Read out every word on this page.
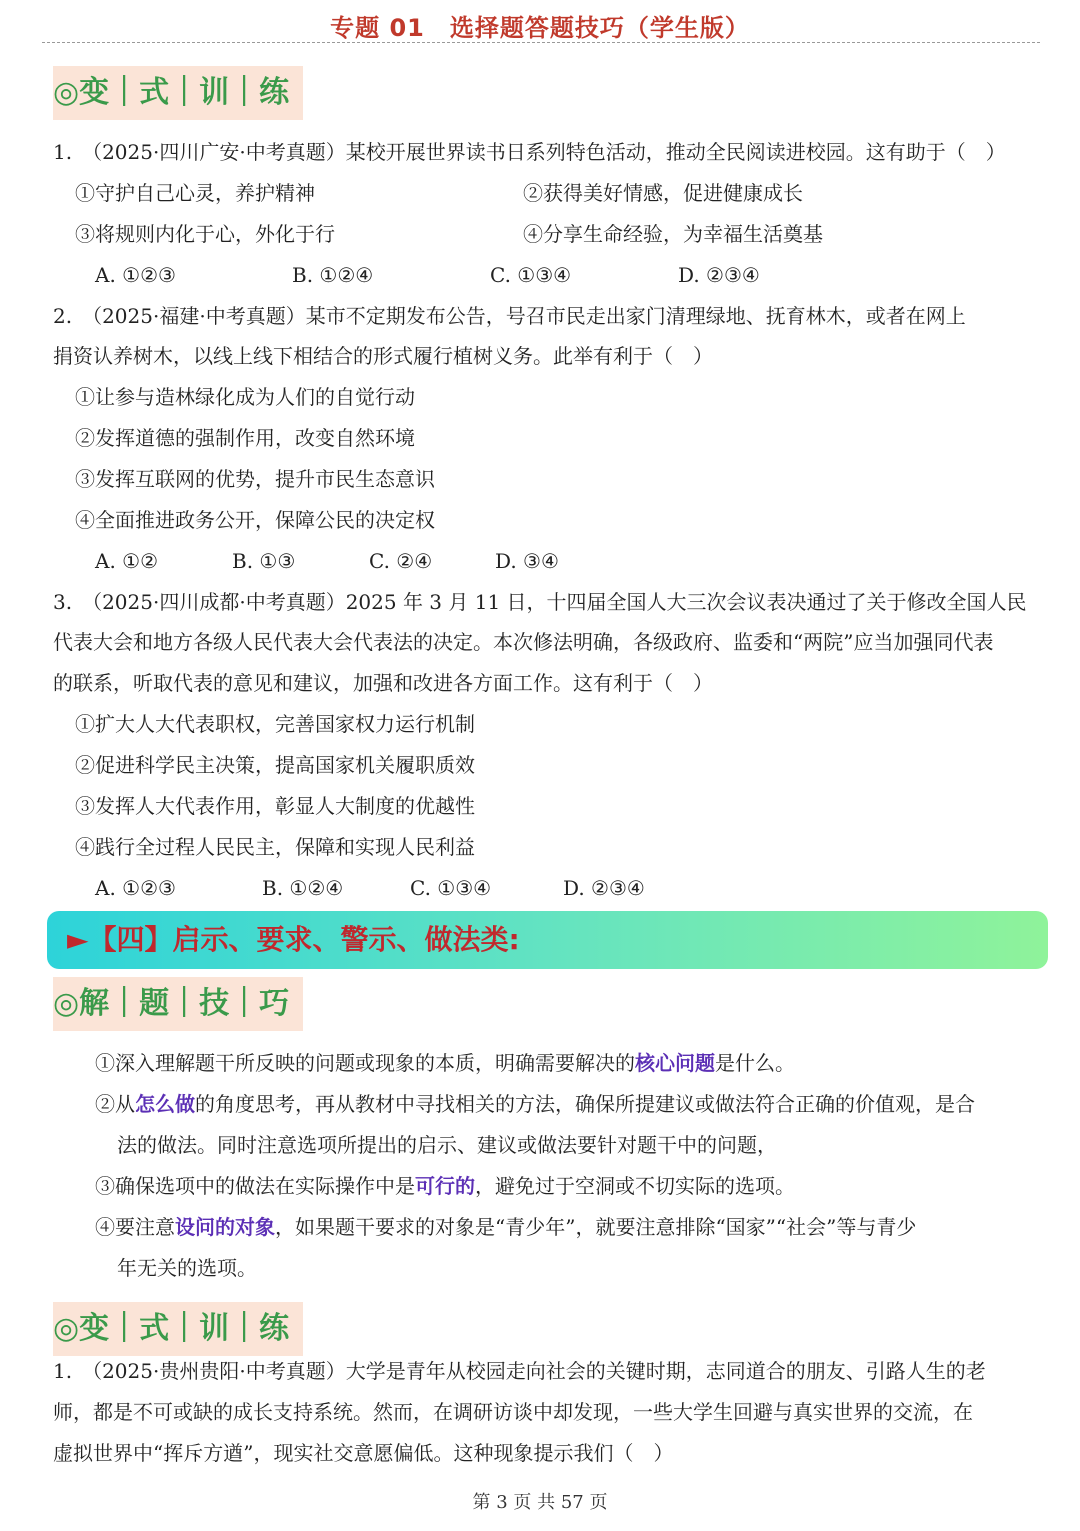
专题 01　选择题答题技巧（学生版）
◎变｜式｜训｜练
1.　（2025·四川广安·中考真题）某校开展世界读书日系列特色活动，推动全民阅读进校园。这有助于（　）
①守护自己心灵，养护精神	②获得美好情感，促进健康成长
③将规则内化于心，外化于行	④分享生命经验，为幸福生活奠基
A. ①②③	B. ①②④	C. ①③④	D. ②③④
2.　（2025·福建·中考真题）某市不定期发布公告，号召市民走出家门清理绿地、抚育林木，或者在网上
捐资认养树木，以线上线下相结合的形式履行植树义务。此举有利于（　）
①让参与造林绿化成为人们的自觉行动
②发挥道德的强制作用，改变自然环境
③发挥互联网的优势，提升市民生态意识
④全面推进政务公开，保障公民的决定权
A. ①②	B. ①③	C. ②④	D. ③④
3.　（2025·四川成都·中考真题）2025 年 3 月 11 日，十四届全国人大三次会议表决通过了关于修改全国人民
代表大会和地方各级人民代表大会代表法的决定。本次修法明确，各级政府、监委和“两院”应当加强同代表
的联系，听取代表的意见和建议，加强和改进各方面工作。这有利于（　）
①扩大人大代表职权，完善国家权力运行机制
②促进科学民主决策，提高国家机关履职质效
③发挥人大代表作用，彰显人大制度的优越性
④践行全过程人民民主，保障和实现人民利益
A. ①②③	B. ①②④	C. ①③④	D. ②③④
►【四】启示、要求、警示、做法类:
◎解｜题｜技｜巧
①深入理解题干所反映的问题或现象的本质，明确需要解决的核心问题是什么。
②从怎么做的角度思考，再从教材中寻找相关的方法，确保所提建议或做法符合正确的价值观，是合
法的做法。同时注意选项所提出的启示、建议或做法要针对题干中的问题，
③确保选项中的做法在实际操作中是可行的，避免过于空洞或不切实际的选项。
④要注意设问的对象，如果题干要求的对象是“青少年”，就要注意排除“国家”“社会”等与青少
年无关的选项。
◎变｜式｜训｜练
1.　（2025·贵州贵阳·中考真题）大学是青年从校园走向社会的关键时期，志同道合的朋友、引路人生的老
师，都是不可或缺的成长支持系统。然而，在调研访谈中却发现，一些大学生回避与真实世界的交流，在
虚拟世界中“挥斥方遒”，现实社交意愿偏低。这种现象提示我们（　）
第 3 页 共 57 页
